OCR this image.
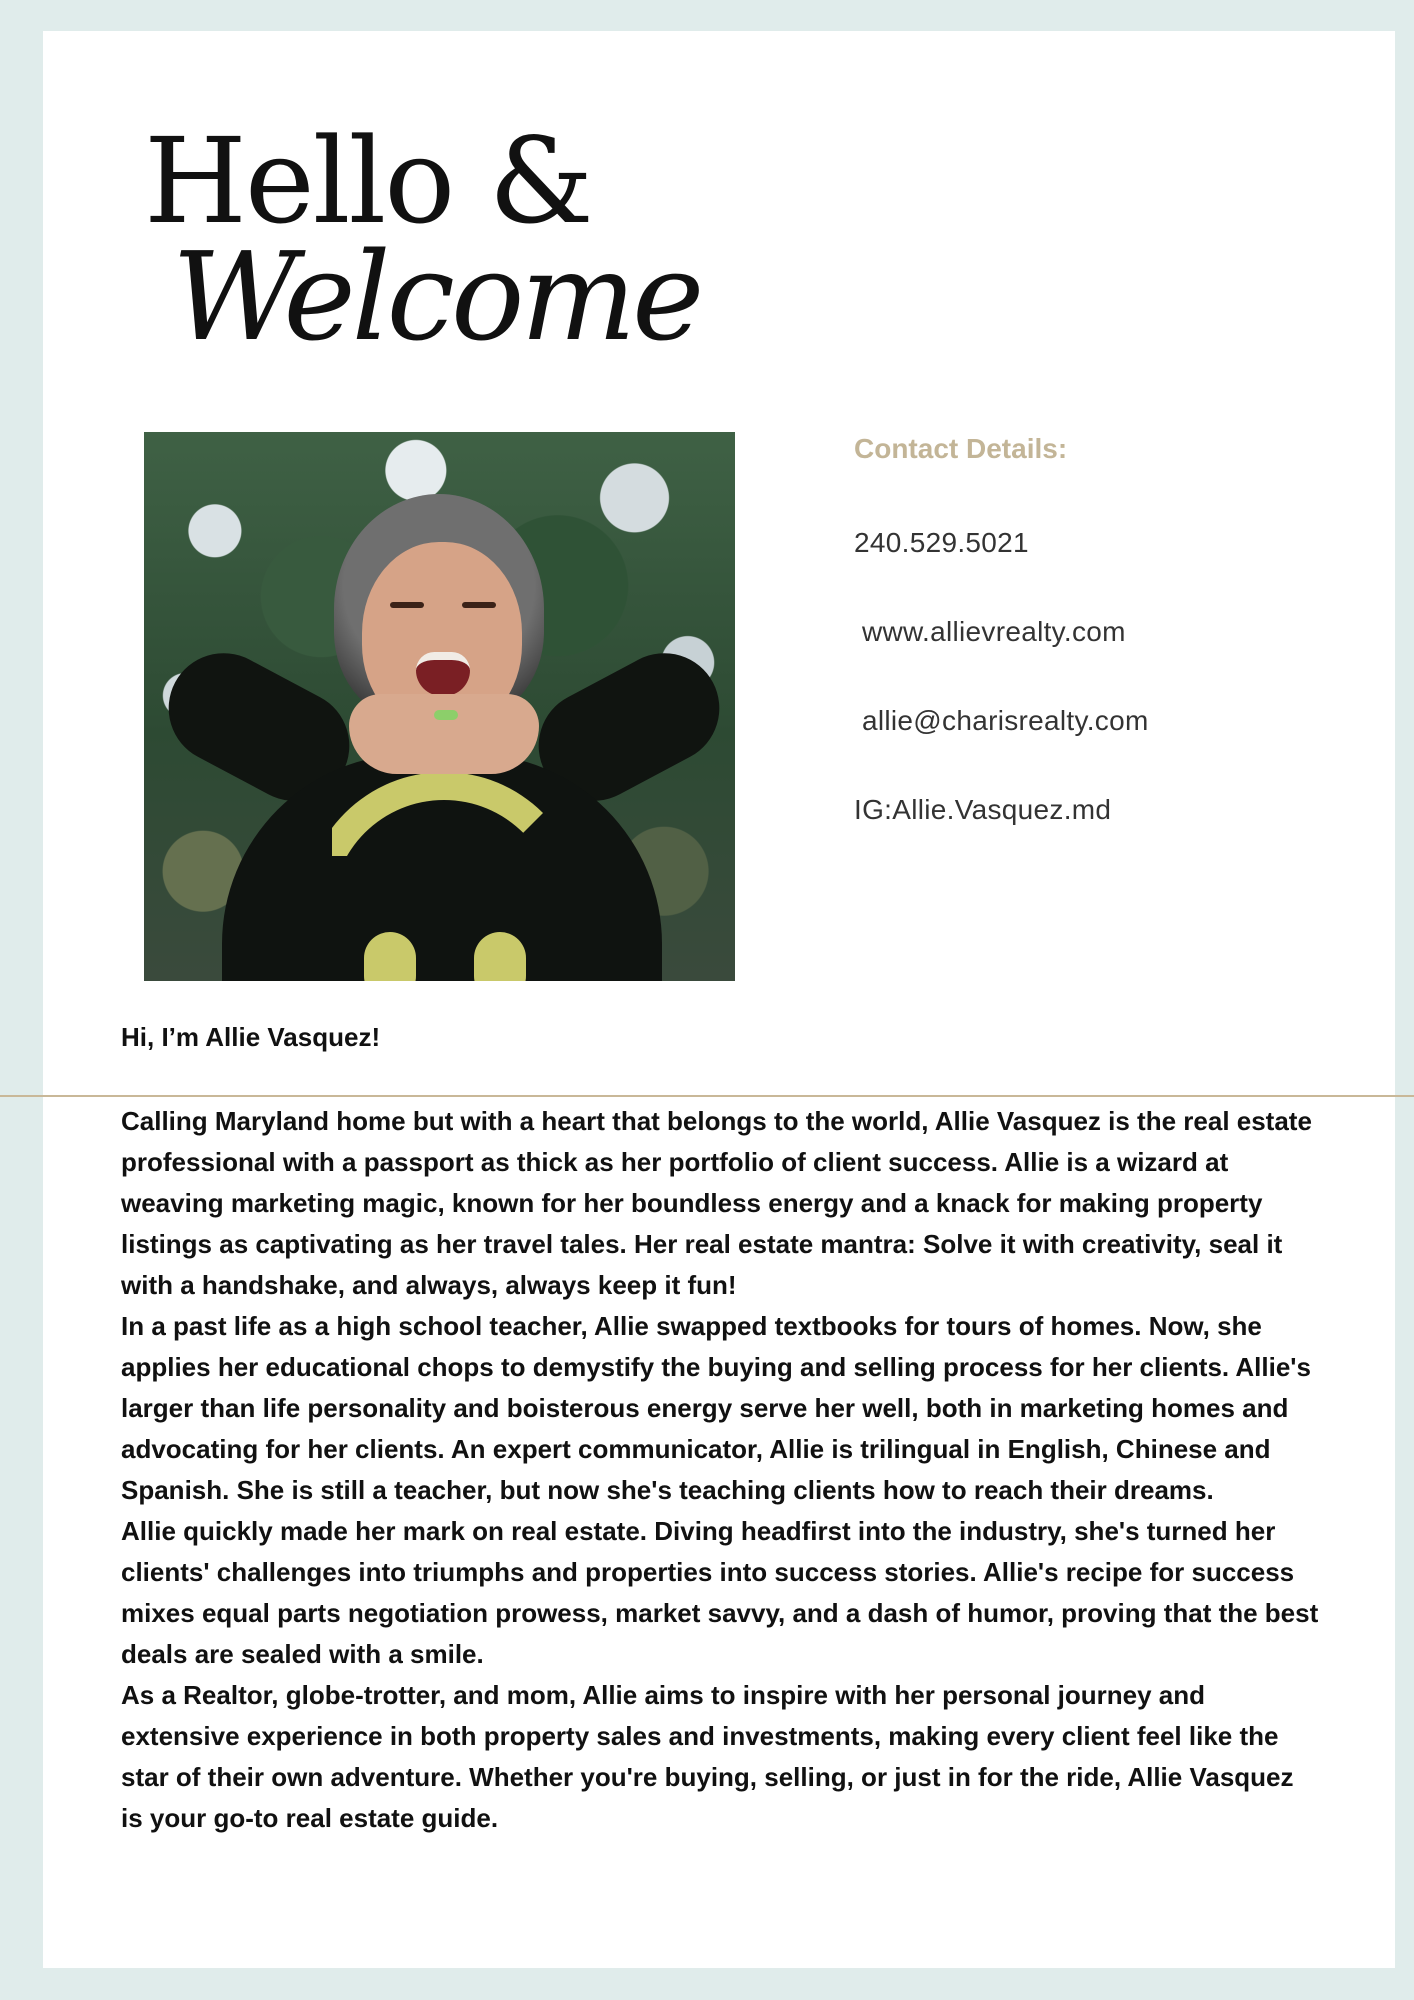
Hello &
Welcome
Contact Details:
240.529.5021
www.allievrealty.com
allie@charisrealty.com
IG:Allie.Vasquez.md
Hi, I’m Allie Vasquez!

Calling Maryland home but with a heart that belongs to the world, Allie Vasquez is the real estate professional with a passport as thick as her portfolio of client success. Allie is a wizard at weaving marketing magic, known for her boundless energy and a knack for making property listings as captivating as her travel tales. Her real estate mantra: Solve it with creativity, seal it with a handshake, and always, always keep it fun!

In a past life as a high school teacher, Allie swapped textbooks for tours of homes. Now, she applies her educational chops to demystify the buying and selling process for her clients. Allie's larger than life personality and boisterous energy serve her well, both in marketing homes and advocating for her clients. An expert communicator, Allie is trilingual in English, Chinese and Spanish. She is still a teacher, but now she's teaching clients how to reach their dreams.

Allie quickly made her mark on real estate. Diving headfirst into the industry, she's turned her clients' challenges into triumphs and properties into success stories. Allie's recipe for success mixes equal parts negotiation prowess, market savvy, and a dash of humor, proving that the best deals are sealed with a smile.

As a Realtor, globe-trotter, and mom, Allie aims to inspire with her personal journey and extensive experience in both property sales and investments, making every client feel like the star of their own adventure. Whether you're buying, selling, or just in for the ride, Allie Vasquez is your go-to real estate guide.
